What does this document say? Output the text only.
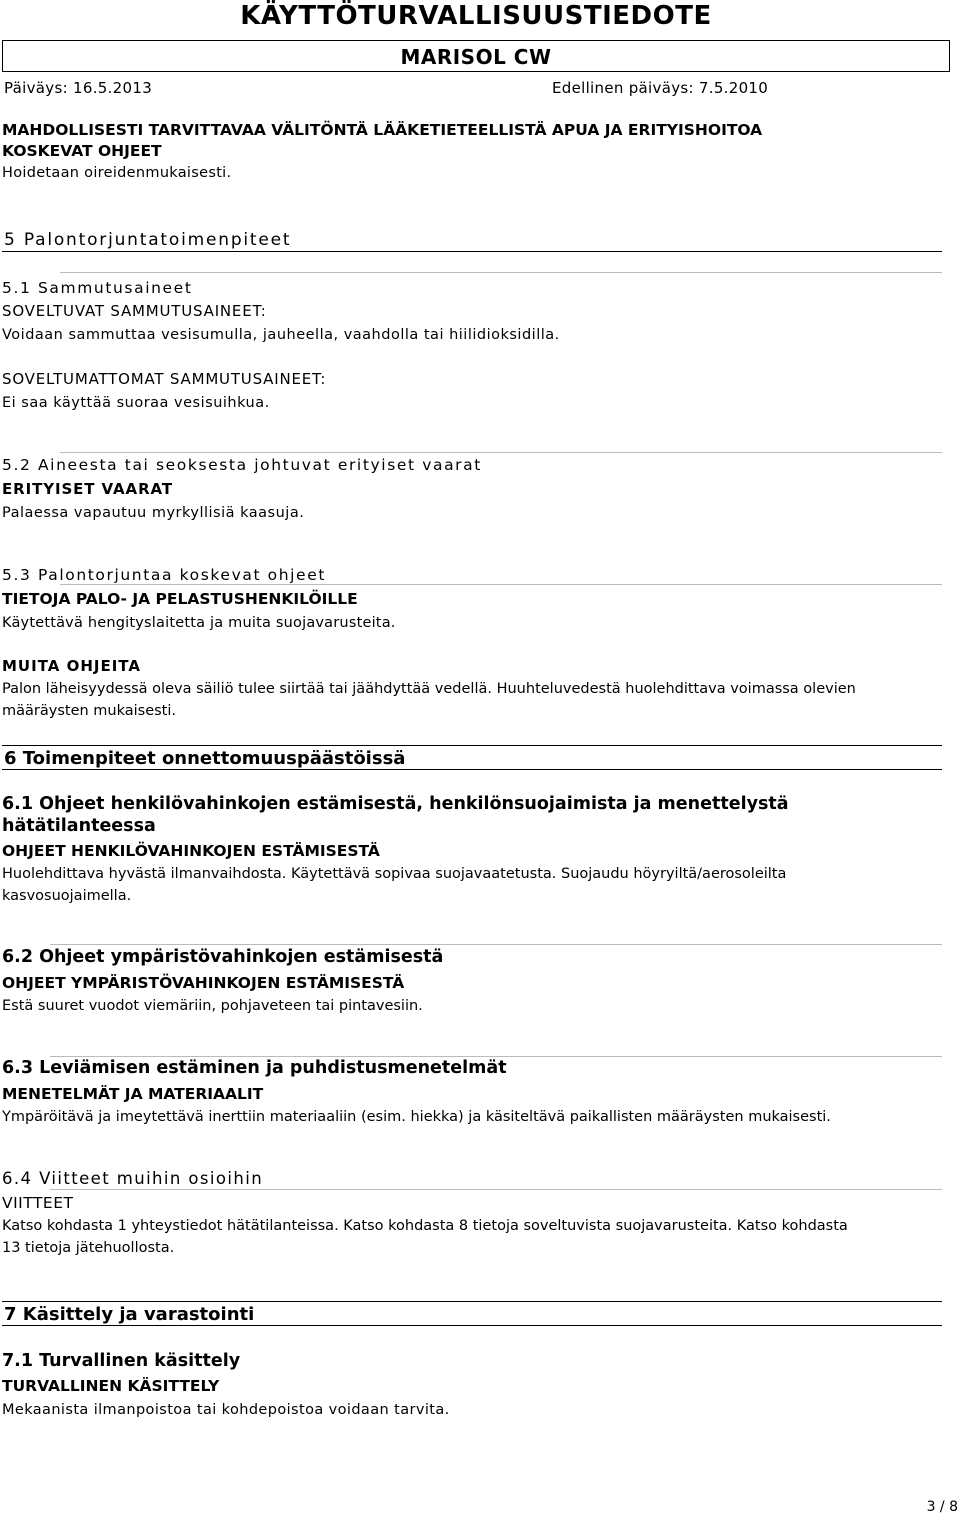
KÄYTTÖTURVALLISUUSTIEDOTE
MARISOL CW
Päiväys: 16.5.2013	Edellinen päiväys: 7.5.2010
MAHDOLLISESTI TARVITTAVAA VÄLITÖNTÄ LÄÄKETIETEELLISTÄ APUA JA ERITYISHOITOA
KOSKEVAT OHJEET
Hoidetaan oireidenmukaisesti.
5 Palontorjuntatoimenpiteet
5.1 Sammutusaineet
SOVELTUVAT SAMMUTUSAINEET:
Voidaan sammuttaa vesisumulla, jauheella, vaahdolla tai hiilidioksidilla.
SOVELTUMATTOMAT SAMMUTUSAINEET:
Ei saa käyttää suoraa vesisuihkua.
5.2 Aineesta tai seoksesta johtuvat erityiset vaarat
ERITYISET VAARAT
Palaessa vapautuu myrkyllisiä kaasuja.
5.3 Palontorjuntaa koskevat ohjeet
TIETOJA PALO- JA PELASTUSHENKILÖILLE
Käytettävä hengityslaitetta ja muita suojavarusteita.
MUITA OHJEITA
Palon läheisyydessä oleva säiliö tulee siirtää tai jäähdyttää vedellä. Huuhteluvedestä huolehdittava voimassa olevien
määräysten mukaisesti.
6 Toimenpiteet onnettomuuspäästöissä
6.1 Ohjeet henkilövahinkojen estämisestä, henkilönsuojaimista ja menettelystä
hätätilanteessa
OHJEET HENKILÖVAHINKOJEN ESTÄMISESTÄ
Huolehdittava hyvästä ilmanvaihdosta. Käytettävä sopivaa suojavaatetusta. Suojaudu höyryiltä/aerosoleilta
kasvosuojaimella.
6.2 Ohjeet ympäristövahinkojen estämisestä
OHJEET YMPÄRISTÖVAHINKOJEN ESTÄMISESTÄ
Estä suuret vuodot viemäriin, pohjaveteen tai pintavesiin.
6.3 Leviämisen estäminen ja puhdistusmenetelmät
MENETELMÄT JA MATERIAALIT
Ympäröitävä ja imeytettävä inerttiin materiaaliin (esim. hiekka) ja käsiteltävä paikallisten määräysten mukaisesti.
6.4 Viitteet muihin osioihin
VIITTEET
Katso kohdasta 1 yhteystiedot hätätilanteissa. Katso kohdasta 8 tietoja soveltuvista suojavarusteita. Katso kohdasta
13 tietoja jätehuollosta.
7 Käsittely ja varastointi
7.1 Turvallinen käsittely
TURVALLINEN KÄSITTELY
Mekaanista ilmanpoistoa tai kohdepoistoa voidaan tarvita.
3 / 8
